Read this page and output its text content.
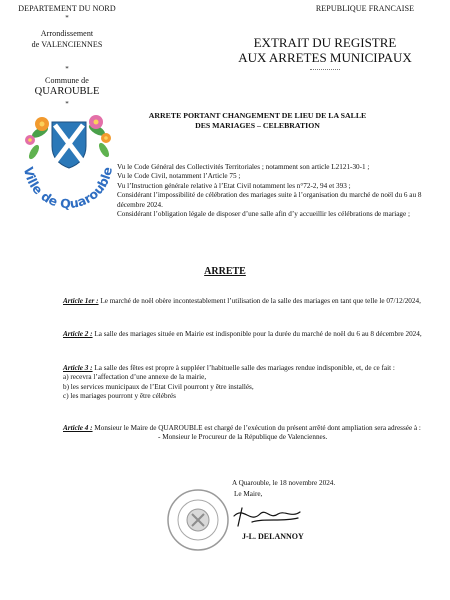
DEPARTEMENT DU NORD
*
Arrondissement
de VALENCIENNES
*
Commune de
QUAROUBLE
*
REPUBLIQUE FRANCAISE
EXTRAIT DU REGISTRE
AUX ARRETES MUNICIPAUX
Ville de Quarouble
ARRETE PORTANT CHANGEMENT DE LIEU DE LA SALLE
DES MARIAGES – CELEBRATION
Vu le Code Général des Collectivités Territoriales ; notamment son article L2121-30-1 ;
Vu le Code Civil, notamment l’Article 75 ;
Vu l’Instruction générale relative à l’Etat Civil notamment les n°72-2, 94 et 393 ;
Considérant l’impossibilité de célébration des mariages suite à l’organisation du marché de noël du 6 au 8 décembre 2024.
Considérant l’obligation légale de disposer d’une salle afin d’y accueillir les célébrations de mariage ;
ARRETE
Article 1er : Le marché de noël obère incontestablement l’utilisation de la salle des mariages en tant que telle le 07/12/2024,
Article 2 : La salle des mariages située en Mairie est indisponible pour la durée du marché de noël du 6 au 8 décembre 2024,
Article 3 : La salle des fêtes est propre à suppléer l’habituelle salle des mariages rendue indisponible, et, de ce fait :
a) recevra l’affectation d’une annexe de la mairie,
b) les services municipaux de l’Etat Civil pourront y être installés,
c) les mariages pourront y être célébrés
Article 4 : Monsieur le Maire de QUAROUBLE est chargé de l’exécution du présent arrêté dont ampliation sera adressée à :
- Monsieur le Procureur de la République de Valenciennes.
A Quarouble, le 18 novembre 2024.
Le Maire,
J-L. DELANNOY
